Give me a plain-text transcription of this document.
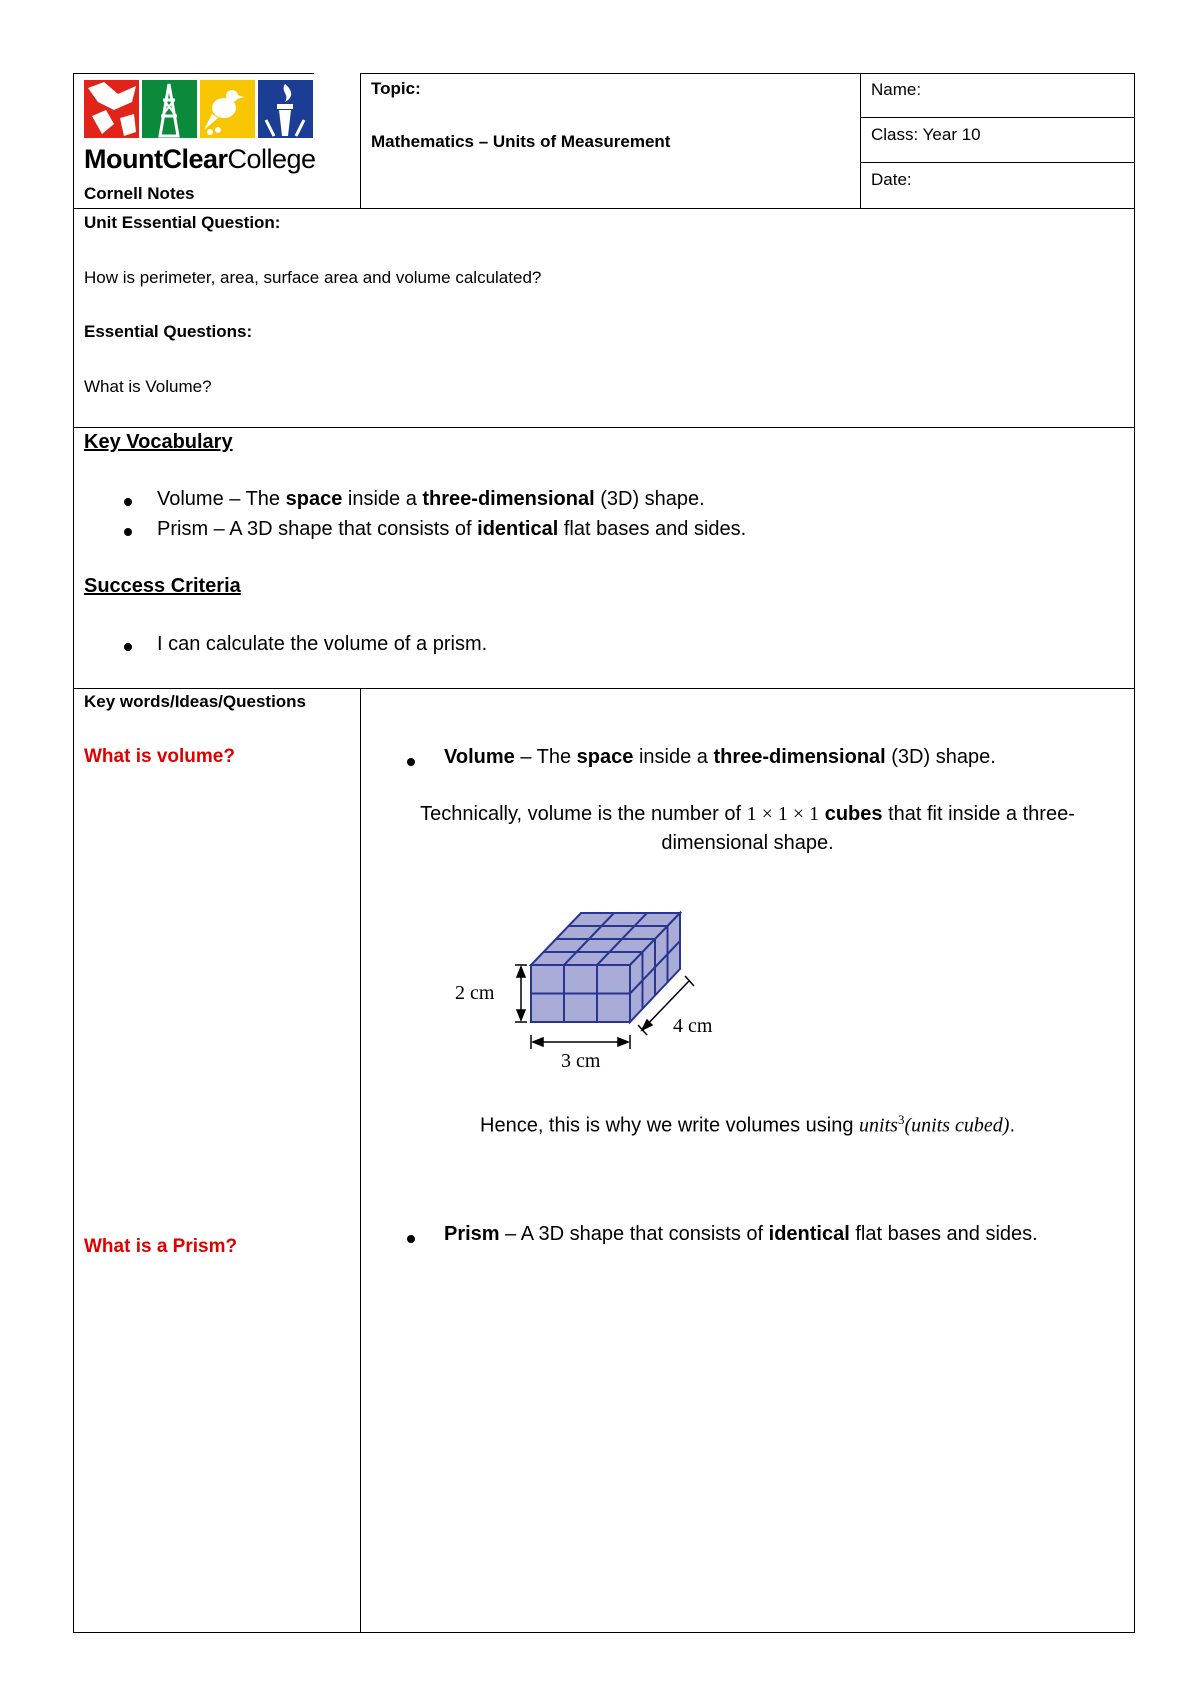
MountClearCollege
Cornell Notes
Topic:
Mathematics – Units of Measurement
Name:
Class: Year 10
Date:
Unit Essential Question:
How is perimeter, area, surface area and volume calculated?
Essential Questions:
What is Volume?
Key Vocabulary
Volume – The space inside a three-dimensional (3D) shape.
Prism – A 3D shape that consists of identical flat bases and sides.
Success Criteria
I can calculate the volume of a prism.
Key words/Ideas/Questions
What is volume?
What is a Prism?
Volume – The space inside a three-dimensional (3D) shape.
Technically, volume is the number of 1 × 1 × 1 cubes that fit inside a three-
dimensional shape.
2 cm
3 cm
4 cm
Hence, this is why we write volumes using units$^3$(units cubed).
Prism – A 3D shape that consists of identical flat bases and sides.
